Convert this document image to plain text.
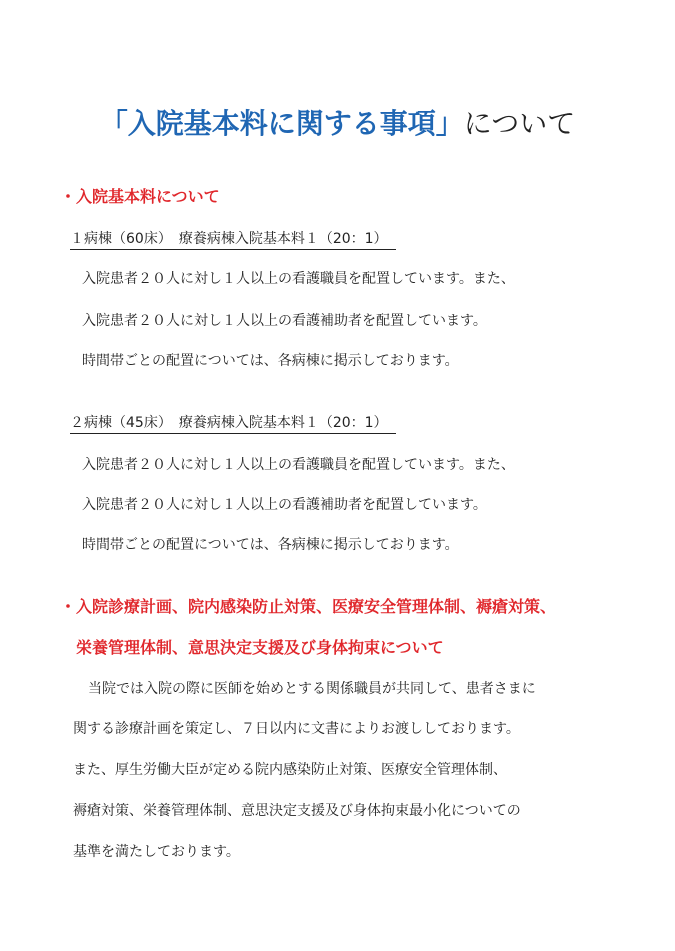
「入院基本料に関する事項」について
・入院基本料について
１病棟（60床）　療養病棟入院基本料１（20：1）
入院患者２０人に対し１人以上の看護職員を配置しています。また、
入院患者２０人に対し１人以上の看護補助者を配置しています。
時間帯ごとの配置については、各病棟に掲示しております。
２病棟（45床）　療養病棟入院基本料１（20：1）
入院患者２０人に対し１人以上の看護職員を配置しています。また、
入院患者２０人に対し１人以上の看護補助者を配置しています。
時間帯ごとの配置については、各病棟に掲示しております。
・入院診療計画、院内感染防止対策、医療安全管理体制、褥瘡対策、
栄養管理体制、意思決定支援及び身体拘束について
当院では入院の際に医師を始めとする関係職員が共同して、患者さまに
関する診療計画を策定し、７日以内に文書によりお渡ししております。
また、厚生労働大臣が定める院内感染防止対策、医療安全管理体制、
褥瘡対策、栄養管理体制、意思決定支援及び身体拘束最小化についての
基準を満たしております。
